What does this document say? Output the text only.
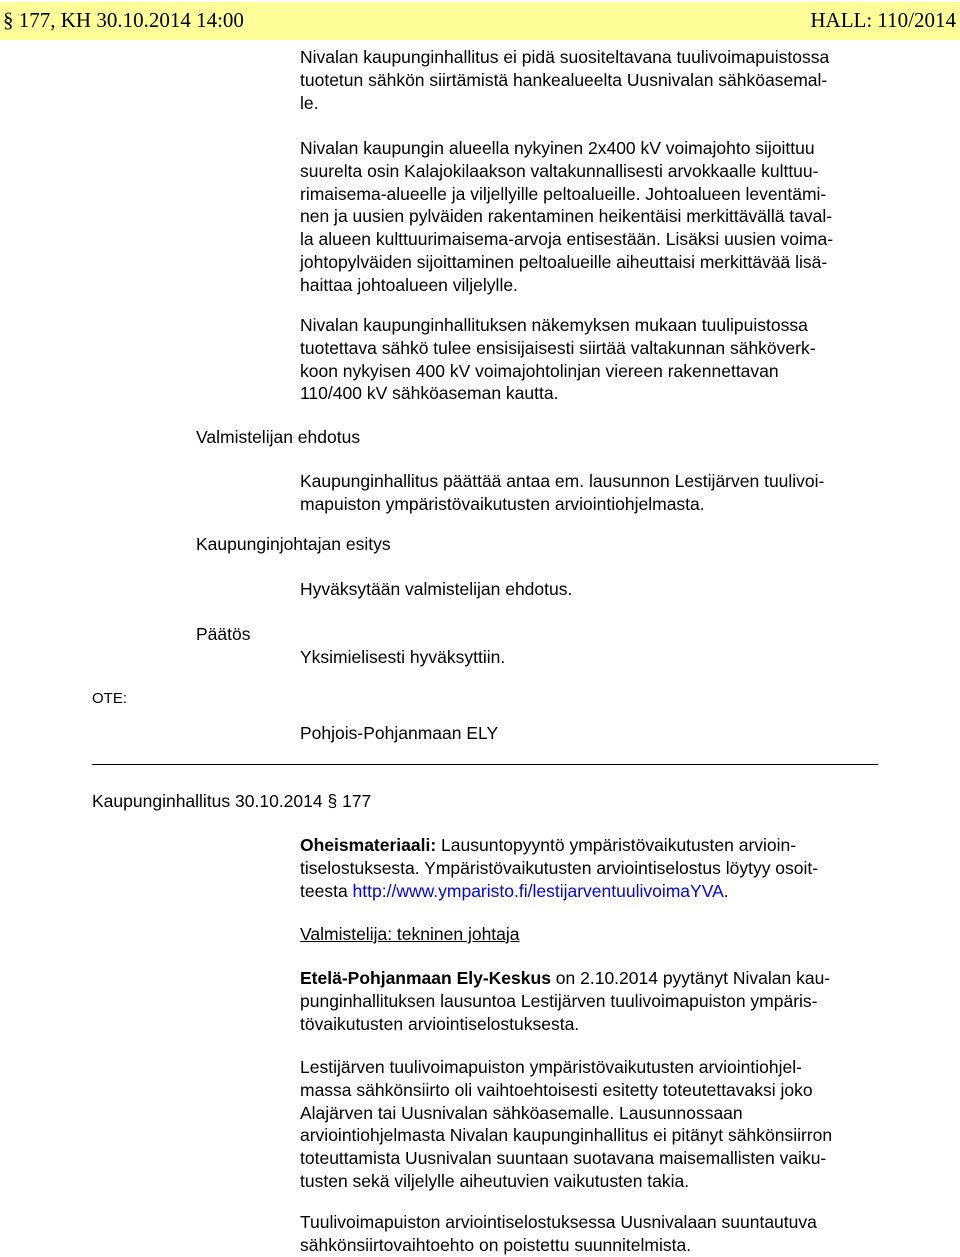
§ 177, KH 30.10.2014 14:00	HALL: 110/2014
Nivalan kaupunginhallitus ei pidä suositeltavana tuulivoimapuistossa
tuotetun sähkön siirtämistä hankealueelta Uusnivalan sähköasemal-
le.
Nivalan kaupungin alueella nykyinen 2x400 kV voimajohto sijoittuu
suurelta osin Kalajokilaakson valtakunnallisesti arvokkaalle kulttuu-
rimaisema-alueelle ja viljellyille peltoalueille. Johtoalueen leventämi-
nen ja uusien pylväiden rakentaminen heikentäisi merkittävällä taval-
la alueen kulttuurimaisema-arvoja entisestään. Lisäksi uusien voima-
johtopylväiden sijoittaminen peltoalueille aiheuttaisi merkittävää lisä-
haittaa johtoalueen viljelylle.
Nivalan kaupunginhallituksen näkemyksen mukaan tuulipuistossa
tuotettava sähkö tulee ensisijaisesti siirtää valtakunnan sähköverk-
koon nykyisen 400 kV voimajohtolinjan viereen rakennettavan
110/400 kV sähköaseman kautta.
Valmistelijan ehdotus
Kaupunginhallitus päättää antaa em. lausunnon Lestijärven tuulivoi-
mapuiston ympäristövaikutusten arviointiohjelmasta.
Kaupunginjohtajan esitys
Hyväksytään valmistelijan ehdotus.
Päätös
Yksimielisesti hyväksyttiin.
OTE:
Pohjois-Pohjanmaan ELY
Kaupunginhallitus 30.10.2014 § 177
Oheismateriaali: Lausuntopyyntö ympäristövaikutusten arvioin-
tiselostuksesta. Ympäristövaikutusten arviointiselostus löytyy osoit-
teesta http://www.ymparisto.fi/lestijarventuulivoimaYVA.
Valmistelija: tekninen johtaja
Etelä-Pohjanmaan Ely-Keskus on 2.10.2014 pyytänyt Nivalan kau-
punginhallituksen lausuntoa Lestijärven tuulivoimapuiston ympäris-
tövaikutusten arviointiselostuksesta.
Lestijärven tuulivoimapuiston ympäristövaikutusten arviointiohjel-
massa sähkönsiirto oli vaihtoehtoisesti esitetty toteutettavaksi joko
Alajärven tai Uusnivalan sähköasemalle. Lausunnossaan
arviointiohjelmasta Nivalan kaupunginhallitus ei pitänyt sähkönsiirron
toteuttamista Uusnivalan suuntaan suotavana maisemallisten vaiku-
tusten sekä viljelylle aiheutuvien vaikutusten takia.
Tuulivoimapuiston arviointiselostuksessa Uusnivalaan suuntautuva
sähkönsiirtovaihtoehto on poistettu suunnitelmista.
